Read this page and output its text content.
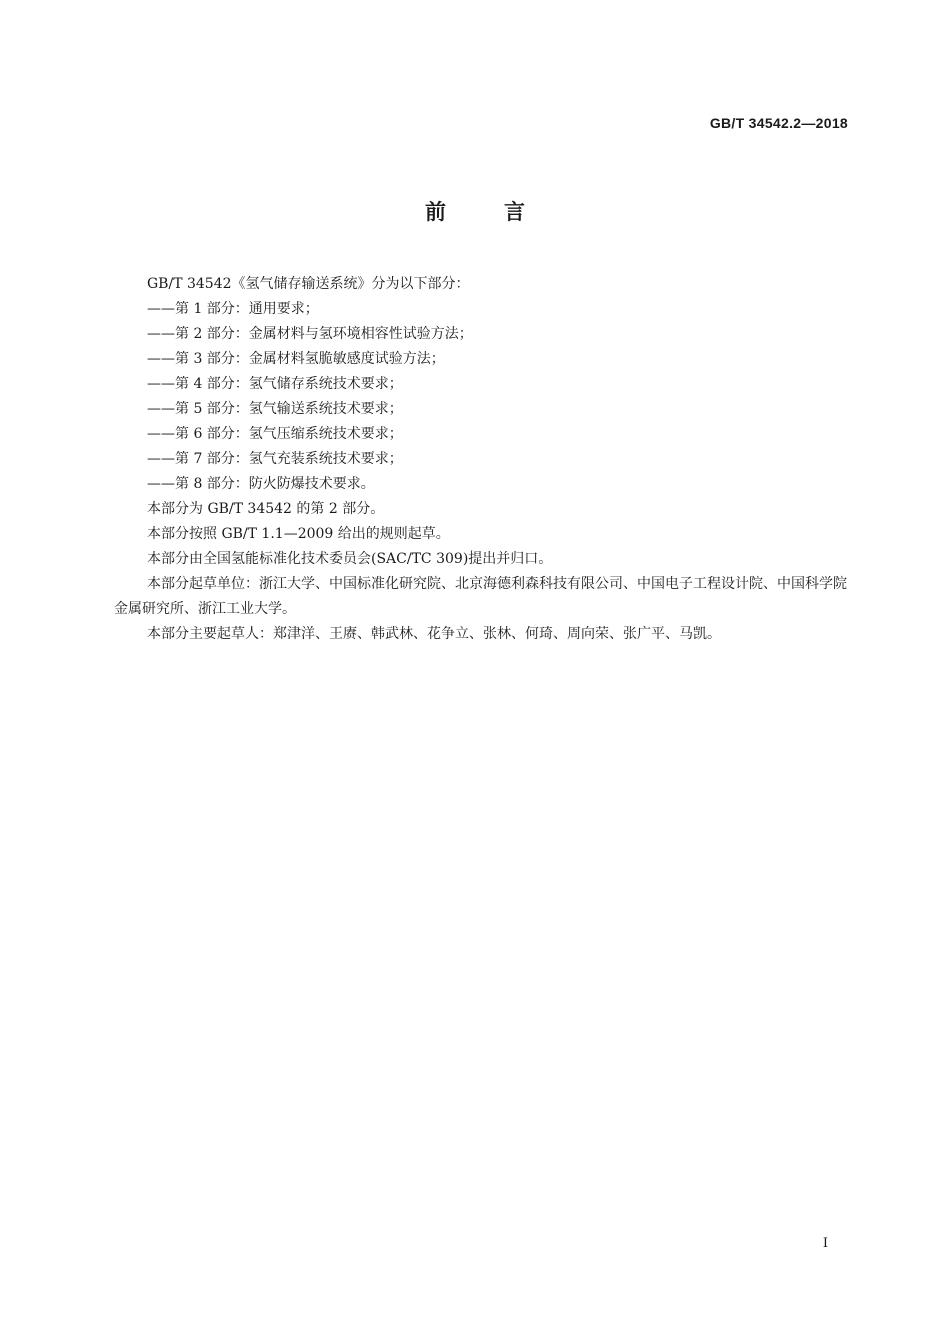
GB/T 34542.2—2018
前言

GB/T 34542《氢气储存输送系统》分为以下部分：

——第 1 部分：通用要求；

——第 2 部分：金属材料与氢环境相容性试验方法；

——第 3 部分：金属材料氢脆敏感度试验方法；

——第 4 部分：氢气储存系统技术要求；

——第 5 部分：氢气输送系统技术要求；

——第 6 部分：氢气压缩系统技术要求；

——第 7 部分：氢气充装系统技术要求；

——第 8 部分：防火防爆技术要求。

本部分为 GB/T 34542 的第 2 部分。

本部分按照 GB/T 1.1—2009 给出的规则起草。

本部分由全国氢能标准化技术委员会(SAC/TC 309)提出并归口。

本部分起草单位：浙江大学、中国标准化研究院、北京海德利森科技有限公司、中国电子工程设计院、中国科学院金属研究所、浙江工业大学。

本部分主要起草人：郑津洋、王赓、韩武林、花争立、张林、何琦、周向荣、张广平、马凯。

I
